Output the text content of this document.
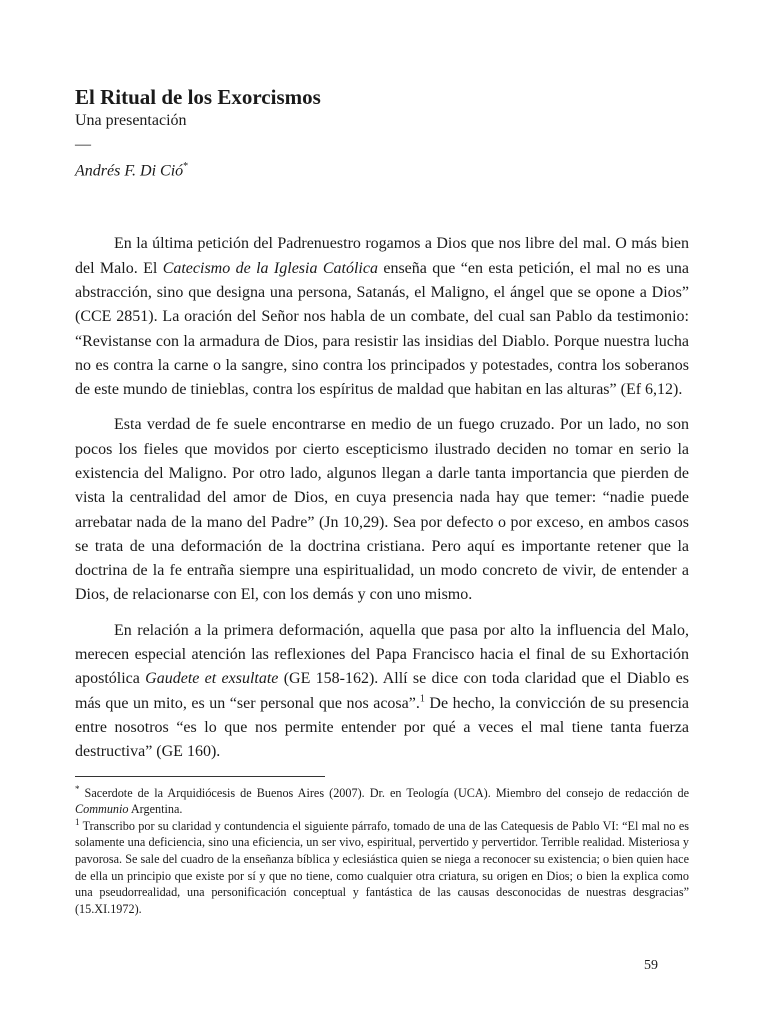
El Ritual de los Exorcismos
Una presentación
—
Andrés F. Di Ció*

En la última petición del Padrenuestro rogamos a Dios que nos libre del mal. O más bien del Malo. El Catecismo de la Iglesia Católica enseña que “en esta petición, el mal no es una abstracción, sino que designa una persona, Satanás, el Maligno, el ángel que se opone a Dios” (CCE 2851). La oración del Señor nos habla de un combate, del cual san Pablo da testimonio: “Revistanse con la armadura de Dios, para resistir las insidias del Diablo. Porque nuestra lucha no es contra la carne o la sangre, sino contra los principados y potestades, contra los soberanos de este mundo de tinieblas, contra los espíritus de maldad que habitan en las alturas” (Ef 6,12).

Esta verdad de fe suele encontrarse en medio de un fuego cruzado. Por un lado, no son pocos los fieles que movidos por cierto escepticismo ilustrado deciden no tomar en serio la existencia del Maligno. Por otro lado, algunos llegan a darle tanta importancia que pierden de vista la centralidad del amor de Dios, en cuya presencia nada hay que temer: “nadie puede arrebatar nada de la mano del Padre” (Jn 10,29). Sea por defecto o por exceso, en ambos casos se trata de una deformación de la doctrina cristiana. Pero aquí es importante retener que la doctrina de la fe entraña siempre una espiritualidad, un modo concreto de vivir, de entender a Dios, de relacionarse con El, con los demás y con uno mismo.

En relación a la primera deformación, aquella que pasa por alto la influencia del Malo, merecen especial atención las reflexiones del Papa Francisco hacia el final de su Exhortación apostólica Gaudete et exsultate (GE 158-162). Allí se dice con toda claridad que el Diablo es más que un mito, es un “ser personal que nos acosa”.$^1$ De hecho, la convicción de su presencia entre nosotros “es lo que nos permite entender por qué a veces el mal tiene tanta fuerza destructiva” (GE 160).

* Sacerdote de la Arquidiócesis de Buenos Aires (2007). Dr. en Teología (UCA). Miembro del consejo de redacción de Communio Argentina.

$^1$ Transcribo por su claridad y contundencia el siguiente párrafo, tomado de una de las Catequesis de Pablo VI: “El mal no es solamente una deficiencia, sino una eficiencia, un ser vivo, espiritual, pervertido y pervertidor. Terrible realidad. Misteriosa y pavorosa. Se sale del cuadro de la enseñanza bíblica y eclesiástica quien se niega a reconocer su existencia; o bien quien hace de ella un principio que existe por sí y que no tiene, como cualquier otra criatura, su origen en Dios; o bien la explica como una pseudorrealidad, una personificación conceptual y fantástica de las causas desconocidas de nuestras desgracias” (15.XI.1972).

59
